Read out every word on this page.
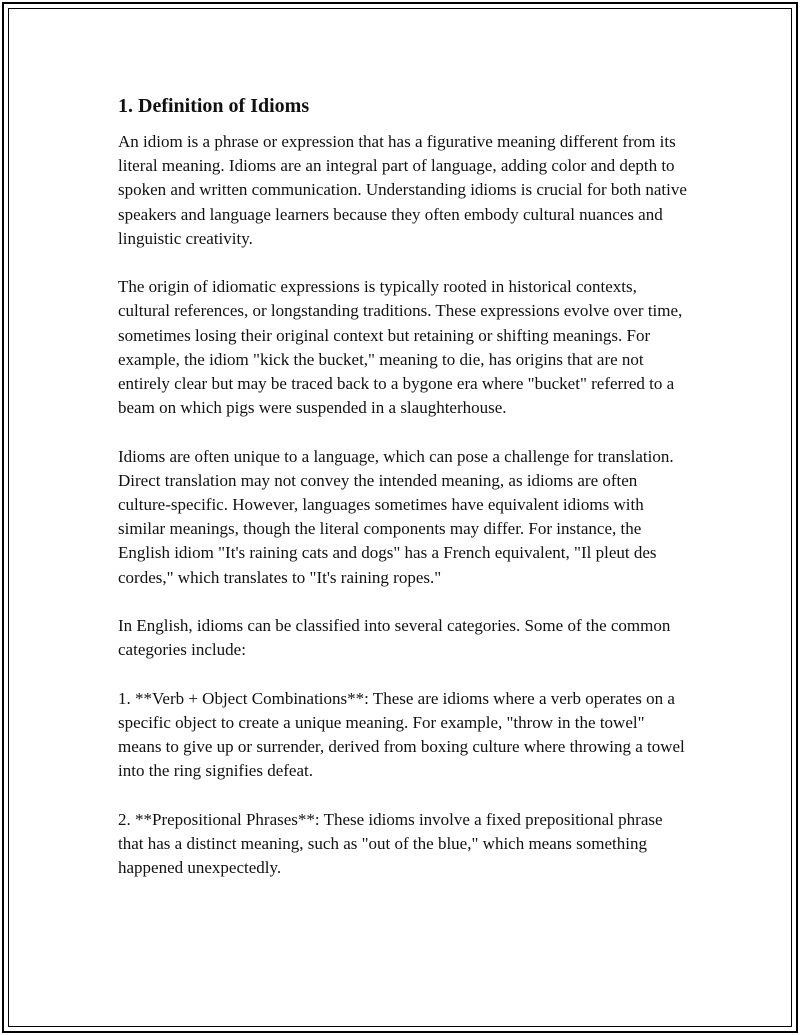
1. Definition of Idioms

An idiom is a phrase or expression that has a figurative meaning different from its literal meaning. Idioms are an integral part of language, adding color and depth to spoken and written communication. Understanding idioms is crucial for both native speakers and language learners because they often embody cultural nuances and linguistic creativity.

The origin of idiomatic expressions is typically rooted in historical contexts, cultural references, or longstanding traditions. These expressions evolve over time, sometimes losing their original context but retaining or shifting meanings. For example, the idiom "kick the bucket," meaning to die, has origins that are not entirely clear but may be traced back to a bygone era where "bucket" referred to a beam on which pigs were suspended in a slaughterhouse.

Idioms are often unique to a language, which can pose a challenge for translation. Direct translation may not convey the intended meaning, as idioms are often culture-specific. However, languages sometimes have equivalent idioms with similar meanings, though the literal components may differ. For instance, the English idiom "It's raining cats and dogs" has a French equivalent, "Il pleut des cordes," which translates to "It's raining ropes."

In English, idioms can be classified into several categories. Some of the common categories include:

1. **Verb + Object Combinations**: These are idioms where a verb operates on a specific object to create a unique meaning. For example, "throw in the towel" means to give up or surrender, derived from boxing culture where throwing a towel into the ring signifies defeat.

2. **Prepositional Phrases**: These idioms involve a fixed prepositional phrase that has a distinct meaning, such as "out of the blue," which means something happened unexpectedly.
